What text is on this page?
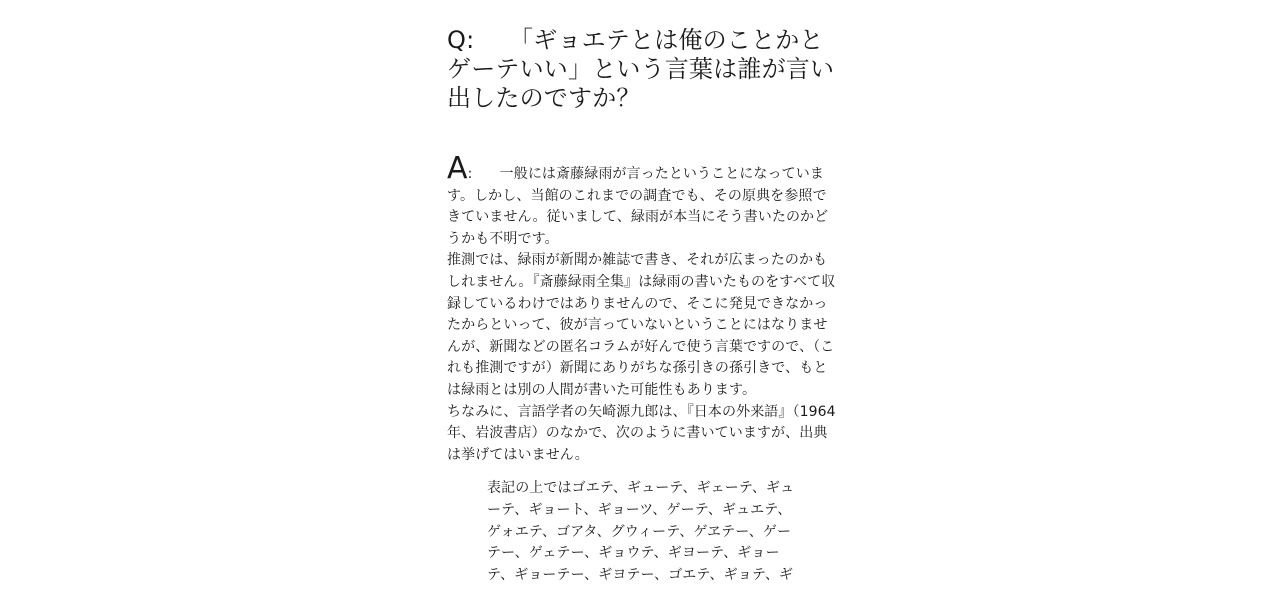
Q: 「ギョエテとは俺のことかとゲーテいい」という言葉は誰が言い出したのですか？

A: 一般には斎藤緑雨が言ったということになっています。しかし、当館のこれまでの調査でも、その原典を参照できていません。従いまして、緑雨が本当にそう書いたのかどうかも不明です。

推測では、緑雨が新聞か雑誌で書き、それが広まったのかもしれません。『斎藤緑雨全集』は緑雨の書いたものをすべて収録しているわけではありませんので、そこに発見できなかったからといって、彼が言っていないということにはなりませんが、新聞などの匿名コラムが好んで使う言葉ですので、（これも推測ですが）新聞にありがちな孫引きの孫引きで、もとは緑雨とは別の人間が書いた可能性もあります。

ちなみに、言語学者の矢崎源九郎は、『日本の外来語』（1964年、岩波書店）のなかで、次のように書いていますが、出典は挙げてはいません。

表記の上ではゴエテ、ギューテ、ギェーテ、ギューテ、ギョート、ギョーツ、ゲーテ、ギュエテ、ゲォエテ、ゴアタ、グウィーテ、ゲヱテー、ゲーテー、ゲェテー、ギョウテ、ギヨーテ、ギョーテ、ギョーテー、ギヨテー、ゴエテ、ギョテ、ギ
